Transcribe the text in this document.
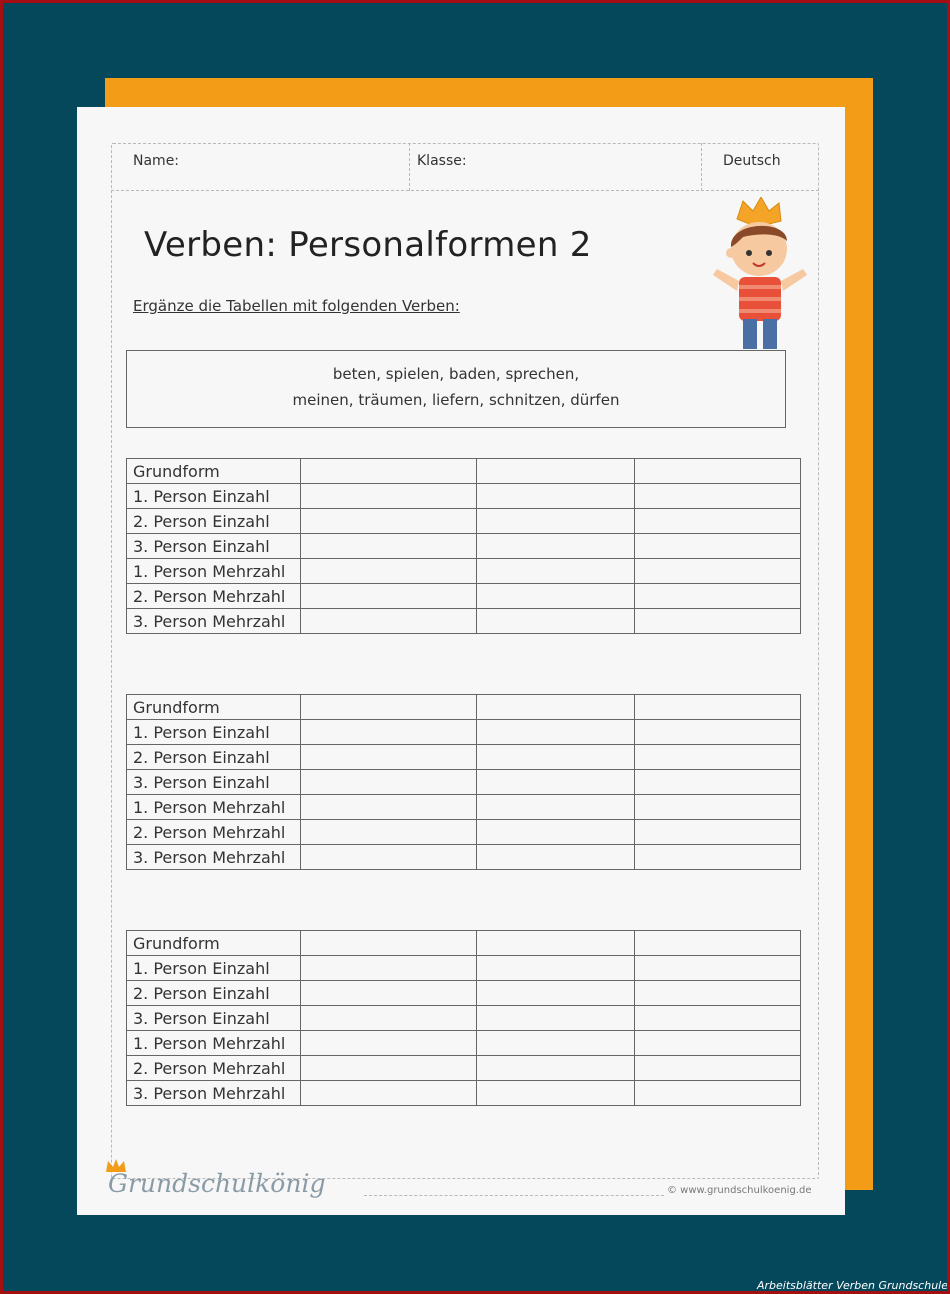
Name:	Klasse:	Deutsch
Verben: Personalformen 2
Ergänze die Tabellen mit folgenden Verben:
beten, spielen, baden, sprechen,
meinen, träumen, liefern, schnitzen, dürfen
Grundform			
1. Person Einzahl			
2. Person Einzahl			
3. Person Einzahl			
1. Person Mehrzahl			
2. Person Mehrzahl			
3. Person Mehrzahl			
Grundform			
1. Person Einzahl			
2. Person Einzahl			
3. Person Einzahl			
1. Person Mehrzahl			
2. Person Mehrzahl			
3. Person Mehrzahl			
Grundform			
1. Person Einzahl			
2. Person Einzahl			
3. Person Einzahl			
1. Person Mehrzahl			
2. Person Mehrzahl			
3. Person Mehrzahl			
Grundschulkönig	© www.grundschulkoenig.de
Arbeitsblätter Verben Grundschule
